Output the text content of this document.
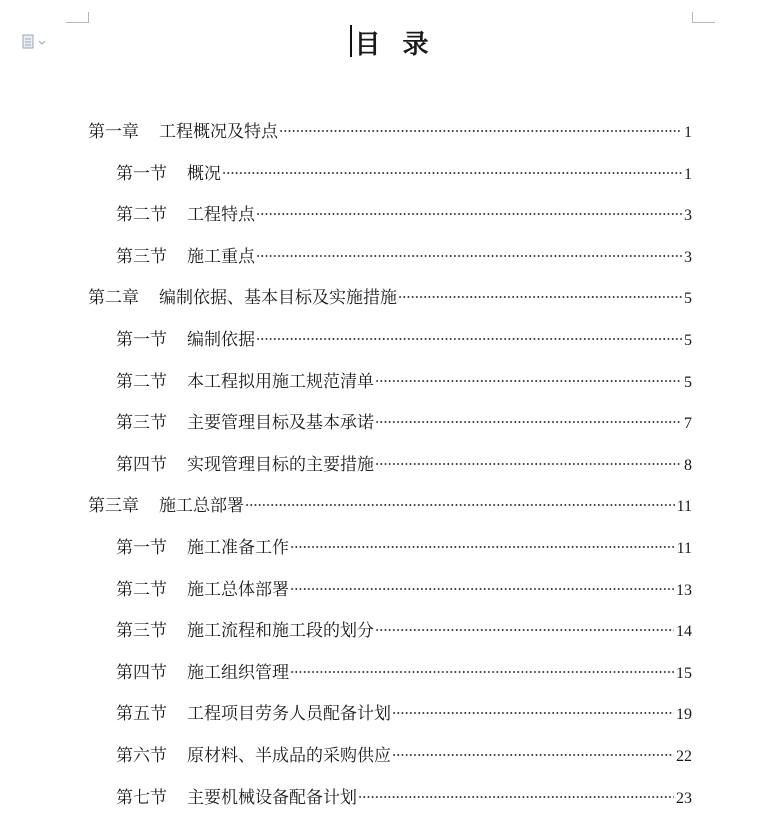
目录
第一章 工程概况及特点	1
第一节 概况	1
第二节 工程特点	3
第三节 施工重点	3
第二章 编制依据、基本目标及实施措施	5
第一节 编制依据	5
第二节 本工程拟用施工规范清单	5
第三节 主要管理目标及基本承诺	7
第四节 实现管理目标的主要措施	8
第三章 施工总部署	11
第一节 施工准备工作	11
第二节 施工总体部署	13
第三节 施工流程和施工段的划分	14
第四节 施工组织管理	15
第五节 工程项目劳务人员配备计划	19
第六节 原材料、半成品的采购供应	22
第七节 主要机械设备配备计划	23
